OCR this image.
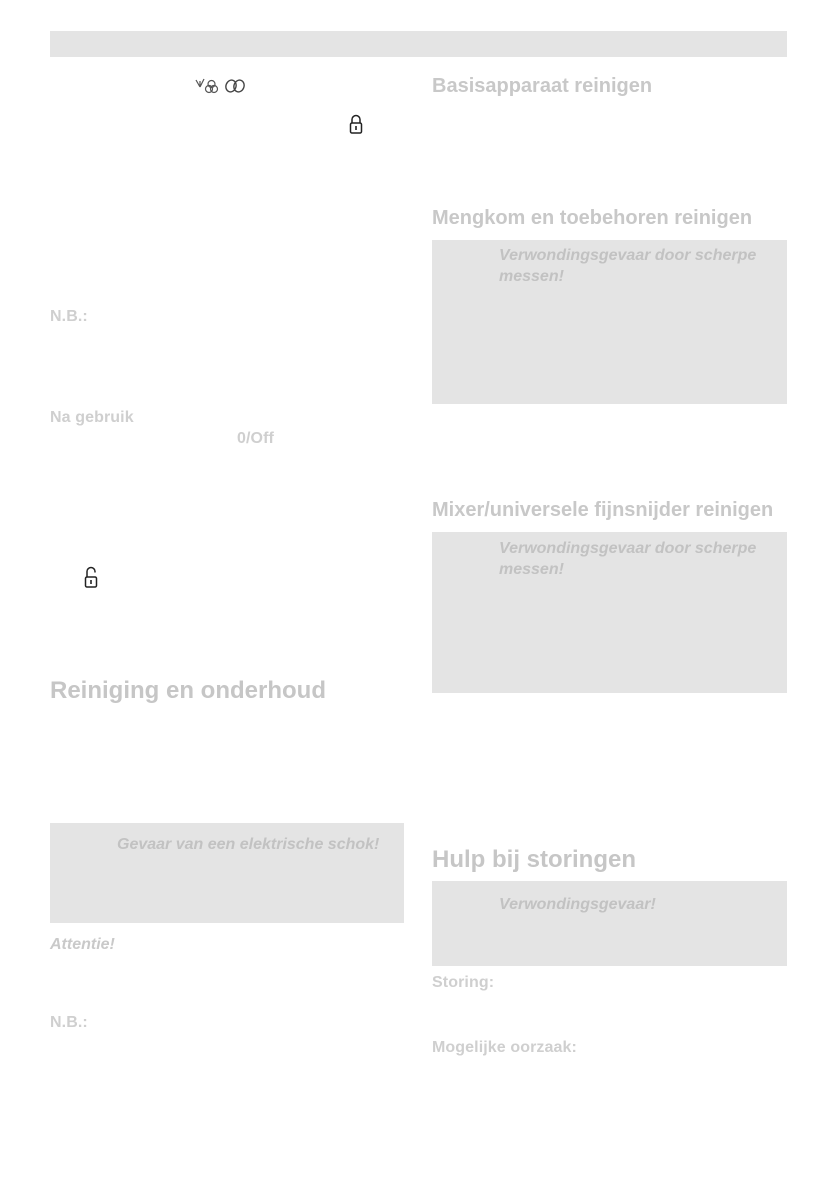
N.B.:
Na gebruik
0/Off
Reiniging en onderhoud
Gevaar van een elektrische schok!
Attentie!
N.B.:
Basisapparaat reinigen
Mengkom en toebehoren reinigen
Verwondingsgevaar door scherpe messen!
Mixer/universele fijnsnijder reinigen
Verwondingsgevaar door scherpe messen!
Hulp bij storingen
Verwondingsgevaar!
Storing:
Mogelijke oorzaak:
